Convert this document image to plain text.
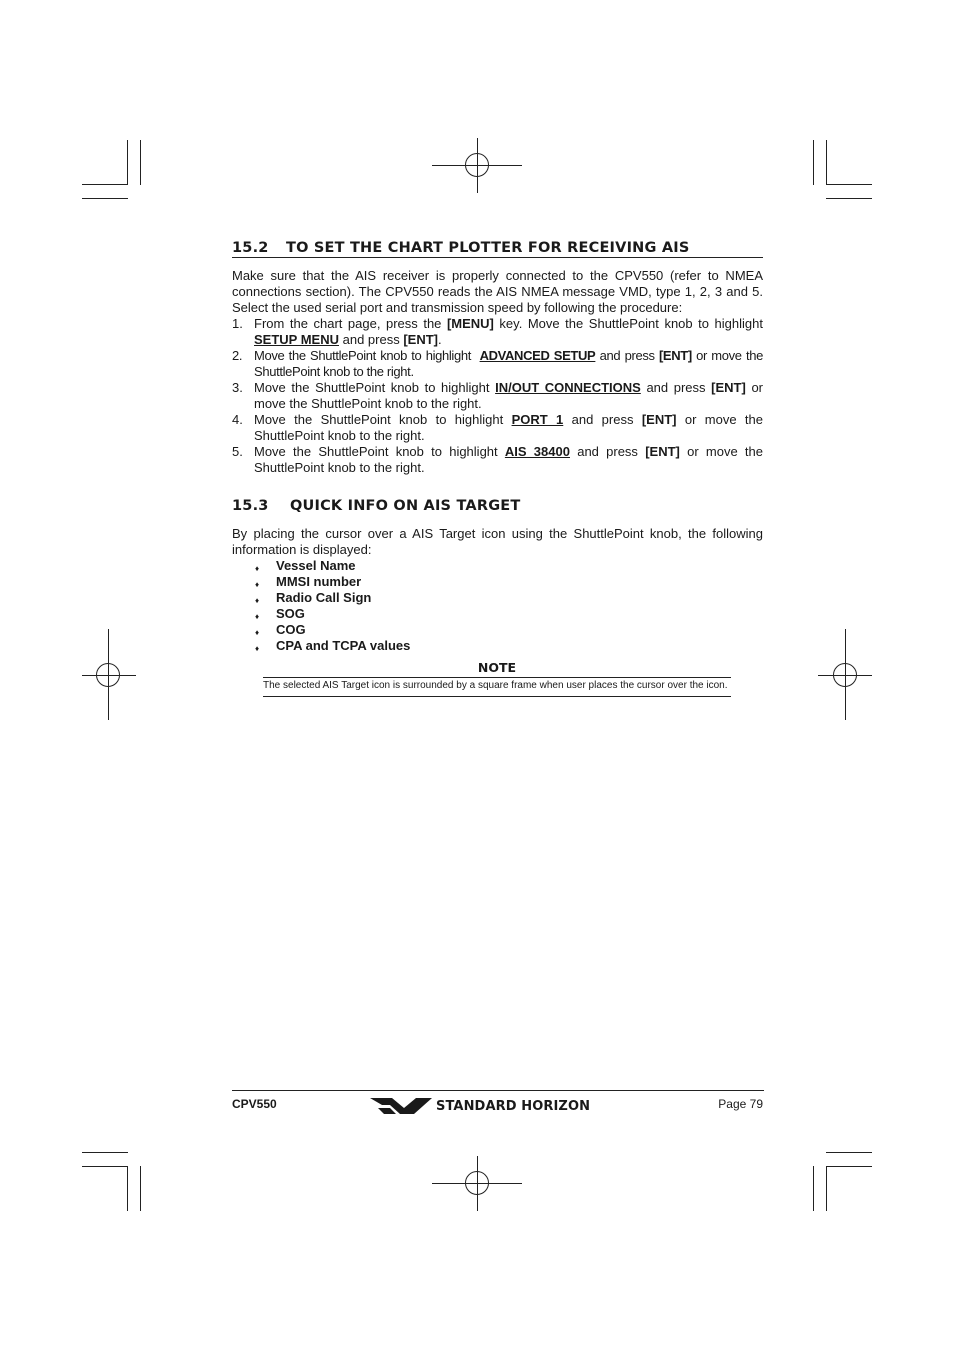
15.2 TO SET THE CHART PLOTTER FOR RECEIVING AIS

Make sure that the AIS receiver is properly connected to the CPV550 (refer to NMEA connections section). The CPV550 reads the AIS NMEA message VMD, type 1, 2, 3 and 5. Select the used serial port and transmission speed by following the procedure:

1. From the chart page, press the [MENU] key. Move the ShuttlePoint knob to highlight SETUP MENU and press [ENT].
2. Move the ShuttlePoint knob to highlight  ADVANCED SETUP and press [ENT] or move the ShuttlePoint knob to the right.
3. Move the ShuttlePoint knob to highlight IN/OUT CONNECTIONS and press [ENT] or move the ShuttlePoint knob to the right.
4. Move the ShuttlePoint knob to highlight PORT 1 and press [ENT] or move the ShuttlePoint knob to the right.
5. Move the ShuttlePoint knob to highlight AIS 38400 and press [ENT] or move the ShuttlePoint knob to the right.
15.3 QUICK INFO ON AIS TARGET

By placing the cursor over a AIS Target icon using the ShuttlePoint knob, the following information is displayed:

♦ Vessel Name
♦ MMSI number
♦ Radio Call Sign
♦ SOG
♦ COG
♦ CPA and TCPA values
NOTE
The selected AIS Target icon is surrounded by a square frame when user places the cursor over the icon.
CPV550	STANDARD HORIZON	Page 79
